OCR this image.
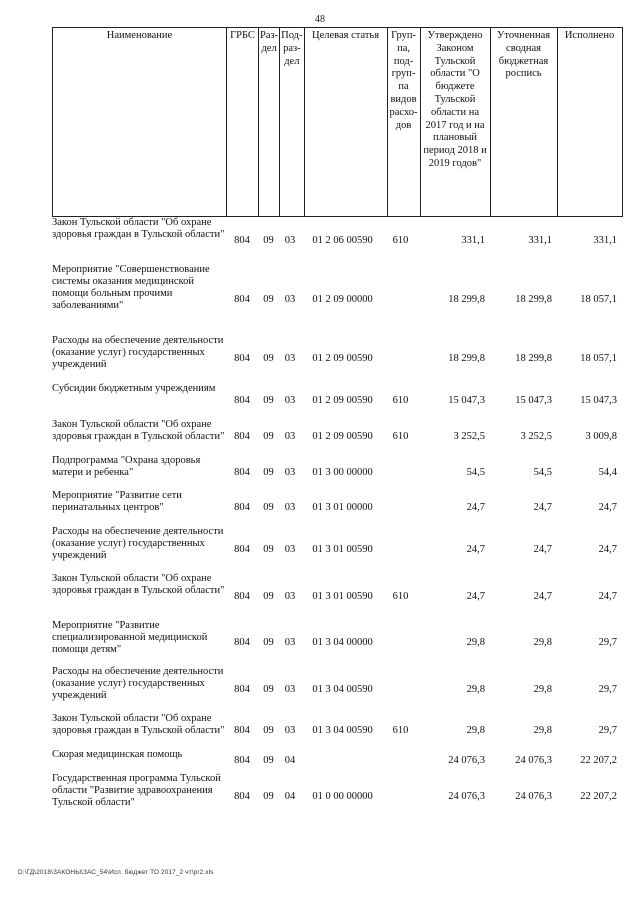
48
Наименование	ГРБС	Раз-дел	Под-раз-дел	Целевая статья	Груп-па, под-груп-па видов расхо-дов	Утверждено Законом Тульской области "О бюджете Тульской области на 2017 год и на плановый период 2018 и 2019 годов"	Уточненная сводная бюджетная роспись	Исполнено
Закон Тульской области "Об охране здоровья граждан в Тульской области"	804	09	03	01 2 06 00590	610	331,1	331,1	331,1
Мероприятие "Совершенствование системы оказания медицинской помощи больным прочими заболеваниями"	804	09	03	01 2 09 00000		18 299,8	18 299,8	18 057,1
Расходы на обеспечение деятельности (оказание услуг) государственных учреждений	804	09	03	01 2 09 00590		18 299,8	18 299,8	18 057,1
Субсидии бюджетным учреждениям	804	09	03	01 2 09 00590	610	15 047,3	15 047,3	15 047,3
Закон Тульской области "Об охране здоровья граждан в Тульской области"	804	09	03	01 2 09 00590	610	3 252,5	3 252,5	3 009,8
Подпрограмма "Охрана здоровья матери и ребенка"	804	09	03	01 3 00 00000		54,5	54,5	54,4
Мероприятие "Развитие сети перинатальных центров"	804	09	03	01 3 01 00000		24,7	24,7	24,7
Расходы на обеспечение деятельности (оказание услуг) государственных учреждений	804	09	03	01 3 01 00590		24,7	24,7	24,7
Закон Тульской области "Об охране здоровья граждан в Тульской области"	804	09	03	01 3 01 00590	610	24,7	24,7	24,7
Мероприятие "Развитие специализированной медицинской помощи детям"	804	09	03	01 3 04 00000		29,8	29,8	29,7
Расходы на обеспечение деятельности (оказание услуг) государственных учреждений	804	09	03	01 3 04 00590		29,8	29,8	29,7
Закон Тульской области "Об охране здоровья граждан в Тульской области"	804	09	03	01 3 04 00590	610	29,8	29,8	29,7
Скорая медицинская помощь	804	09	04			24 076,3	24 076,3	22 207,2
Государственная программа Тульской области "Развитие здравоохранения Тульской области"	804	09	04	01 0 00 00000		24 076,3	24 076,3	22 207,2
D:\ГД\2018\ЗАКОНЫ\ЗАС_54\Исп. бюджет ТО 2017_2 чт\pr2.xls
